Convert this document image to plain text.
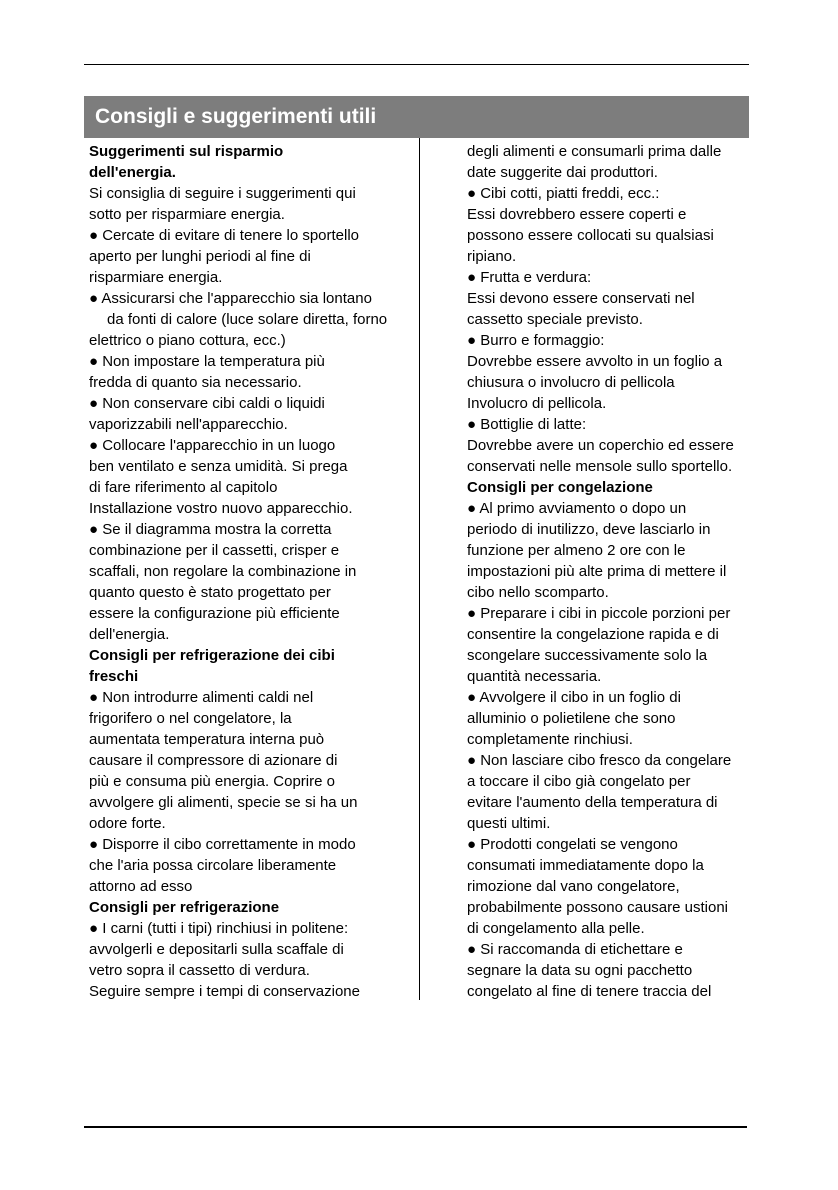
Consigli e suggerimenti utili
Suggerimenti sul risparmio
dell'energia.
Si consiglia di seguire i suggerimenti qui
sotto per risparmiare energia.
● Cercate di evitare di tenere lo sportello
aperto per lunghi periodi al fine di
risparmiare energia.
● Assicurarsi che l'apparecchio sia lontano
da fonti di calore (luce solare diretta, forno
elettrico o piano cottura, ecc.)
● Non impostare la temperatura più
fredda di quanto sia necessario.
● Non conservare cibi caldi o liquidi
vaporizzabili nell'apparecchio.
● Collocare l'apparecchio in un luogo
ben ventilato e senza umidità. Si prega
di fare riferimento al capitolo
Installazione vostro nuovo apparecchio.
● Se il diagramma mostra la corretta
combinazione per il cassetti, crisper e
scaffali, non regolare la combinazione in
quanto questo è stato progettato per
essere la configurazione più efficiente
dell'energia.
Consigli per refrigerazione dei cibi
freschi
● Non introdurre alimenti caldi nel
frigorifero o nel congelatore, la
aumentata temperatura interna può
causare il compressore di azionare di
più e consuma più energia. Coprire o
avvolgere gli alimenti, specie se si ha un
odore forte.
● Disporre il cibo correttamente in modo
che l'aria possa circolare liberamente
attorno ad esso
Consigli per refrigerazione
● I carni (tutti i tipi) rinchiusi in politene:
avvolgerli e depositarli sulla scaffale di
vetro sopra il cassetto di verdura.
Seguire sempre i tempi di conservazione
degli alimenti e consumarli prima dalle
date suggerite dai produttori.
● Cibi cotti, piatti freddi, ecc.:
Essi dovrebbero essere coperti e
possono essere collocati su qualsiasi
ripiano.
● Frutta e verdura:
Essi devono essere conservati nel
cassetto speciale previsto.
● Burro e formaggio:
Dovrebbe essere avvolto in un foglio a
chiusura o involucro di pellicola
Involucro di pellicola.
● Bottiglie di latte:
Dovrebbe avere un coperchio ed essere
conservati nelle mensole sullo sportello.
Consigli per congelazione
● Al primo avviamento o dopo un
periodo di inutilizzo, deve lasciarlo in
funzione per almeno 2 ore con le
impostazioni più alte prima di mettere il
cibo nello scomparto.
● Preparare i cibi in piccole porzioni per
consentire la congelazione rapida e di
scongelare successivamente solo la
quantità necessaria.
● Avvolgere il cibo in un foglio di
alluminio o polietilene che sono
completamente rinchiusi.
● Non lasciare cibo fresco da congelare
a toccare il cibo già congelato per
evitare l'aumento della temperatura di
questi ultimi.
● Prodotti congelati se vengono
consumati immediatamente dopo la
rimozione dal vano congelatore,
probabilmente possono causare ustioni
di congelamento alla pelle.
● Si raccomanda di etichettare e
segnare la data su ogni pacchetto
congelato al fine di tenere traccia del
